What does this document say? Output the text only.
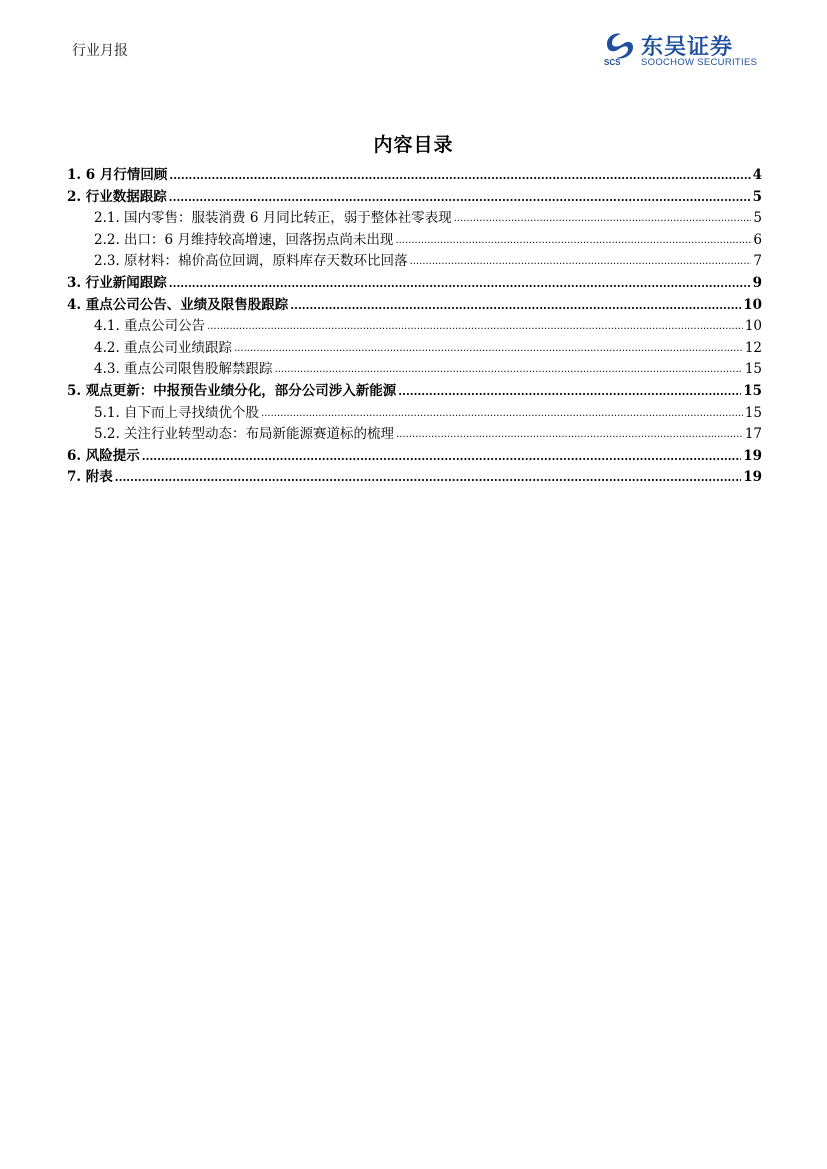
行业月报
SCS
东吴证券
SOOCHOW SECURITIES
内容目录
1. 6 月行情回顾 .....	4
2. 行业数据跟踪 .....	5
2.1. 国内零售：服装消费 6 月同比转正，弱于整体社零表现 .....	5
2.2. 出口：6 月维持较高增速，回落拐点尚未出现 .....	6
2.3. 原材料：棉价高位回调，原料库存天数环比回落 .....	7
3. 行业新闻跟踪 .....	9
4. 重点公司公告、业绩及限售股跟踪 .....	10
4.1. 重点公司公告 .....	10
4.2. 重点公司业绩跟踪 .....	12
4.3. 重点公司限售股解禁跟踪 .....	15
5. 观点更新：中报预告业绩分化，部分公司涉入新能源 .....	15
5.1. 自下而上寻找绩优个股 .....	15
5.2. 关注行业转型动态：布局新能源赛道标的梳理 .....	17
6. 风险提示 .....	19
7. 附表 .....	19
